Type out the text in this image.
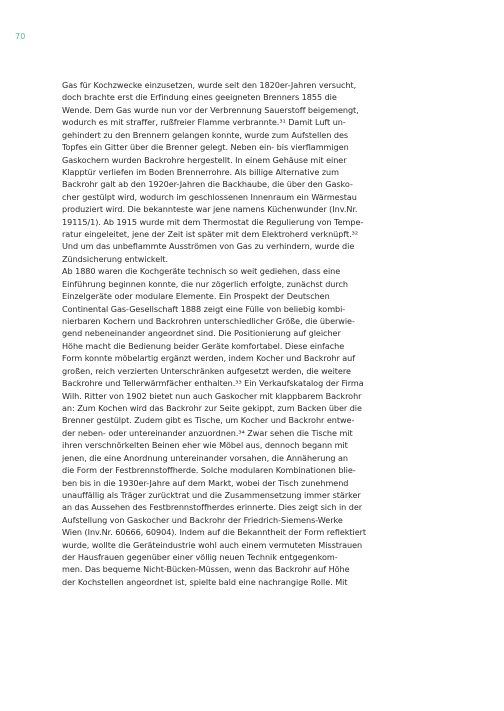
70
Gas für Kochzwecke einzusetzen, wurde seit den 1820er-Jahren versucht,
doch brachte erst die Erfindung eines geeigneten Brenners 1855 die
Wende. Dem Gas wurde nun vor der Verbrennung Sauerstoff beigemengt,
wodurch es mit straffer, rußfreier Flamme verbrannte.³¹ Damit Luft un-
gehindert zu den Brennern gelangen konnte, wurde zum Aufstellen des
Topfes ein Gitter über die Brenner gelegt. Neben ein- bis vierflammigen
Gaskochern wurden Backrohre hergestellt. In einem Gehäuse mit einer
Klapptür verliefen im Boden Brennerrohre. Als billige Alternative zum
Backrohr galt ab den 1920er-Jahren die Backhaube, die über den Gasko-
cher gestülpt wird, wodurch im geschlossenen Innenraum ein Wärmestau
produziert wird. Die bekannteste war jene namens Küchenwunder (Inv.Nr.
19115/1). Ab 1915 wurde mit dem Thermostat die Regulierung von Tempe-
ratur eingeleitet, jene der Zeit ist später mit dem Elektroherd verknüpft.³²
Und um das unbeflammte Ausströmen von Gas zu verhindern, wurde die
Zündsicherung entwickelt.
Ab 1880 waren die Kochgeräte technisch so weit gediehen, dass eine
Einführung beginnen konnte, die nur zögerlich erfolgte, zunächst durch
Einzelgeräte oder modulare Elemente. Ein Prospekt der Deutschen
Continental Gas-Gesellschaft 1888 zeigt eine Fülle von beliebig kombi-
nierbaren Kochern und Backrohren unterschiedlicher Größe, die überwie-
gend nebeneinander angeordnet sind. Die Positionierung auf gleicher
Höhe macht die Bedienung beider Geräte komfortabel. Diese einfache
Form konnte möbelartig ergänzt werden, indem Kocher und Backrohr auf
großen, reich verzierten Unterschränken aufgesetzt werden, die weitere
Backrohre und Tellerwärmfächer enthalten.³³ Ein Verkaufskatalog der Firma
Wilh. Ritter von 1902 bietet nun auch Gaskocher mit klappbarem Backrohr
an: Zum Kochen wird das Backrohr zur Seite gekippt, zum Backen über die
Brenner gestülpt. Zudem gibt es Tische, um Kocher und Backrohr entwe-
der neben- oder untereinander anzuordnen.³⁴ Zwar sehen die Tische mit
ihren verschnörkelten Beinen eher wie Möbel aus, dennoch begann mit
jenen, die eine Anordnung untereinander vorsahen, die Annäherung an
die Form der Festbrennstoffherde. Solche modularen Kombinationen blie-
ben bis in die 1930er-Jahre auf dem Markt, wobei der Tisch zunehmend
unauffällig als Träger zurücktrat und die Zusammensetzung immer stärker
an das Aussehen des Festbrennstoffherdes erinnerte. Dies zeigt sich in der
Aufstellung von Gaskocher und Backrohr der Friedrich-Siemens-Werke
Wien (Inv.Nr. 60666, 60904). Indem auf die Bekanntheit der Form reflektiert
wurde, wollte die Geräteindustrie wohl auch einem vermuteten Misstrauen
der Hausfrauen gegenüber einer völlig neuen Technik entgegenkom-
men. Das bequeme Nicht-Bücken-Müssen, wenn das Backrohr auf Höhe
der Kochstellen angeordnet ist, spielte bald eine nachrangige Rolle. Mit
